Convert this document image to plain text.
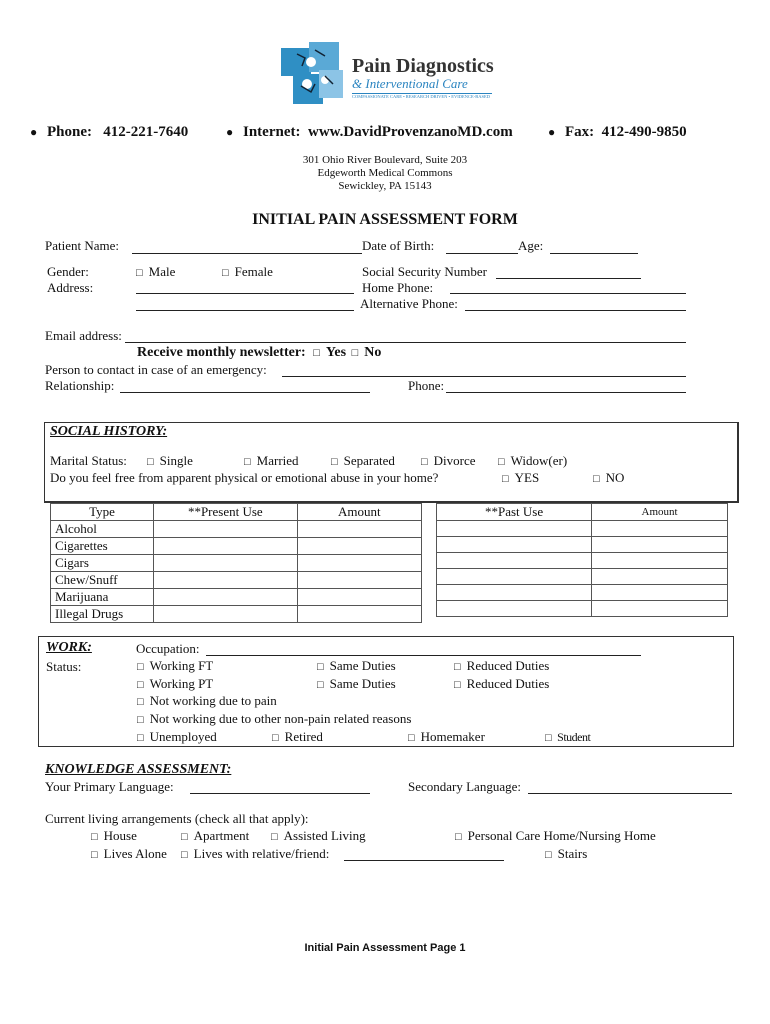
Pain Diagnostics
& Interventional Care
COMPASSIONATE CARE • RESEARCH DRIVEN • EVIDENCE-BASED
● Phone: 412-221-7640	● Internet: www.DavidProvenzanoMD.com	● Fax: 412-490-9850
301 Ohio River Boulevard, Suite 203
Edgeworth Medical Commons
Sewickley, PA 15143
INITIAL PAIN ASSESSMENT FORM
Patient Name:	Date of Birth:	Age:
Gender:	□ Male	□ Female	Social Security Number
Address:	Home Phone:
Alternative Phone:
Email address:
Receive monthly newsletter: □ Yes □ No
Person to contact in case of an emergency:
Relationship:	Phone:
SOCIAL HISTORY:
Marital Status:	□ Single	□ Married	□ Separated	□ Divorce	□ Widow(er)
Do you feel free from apparent physical or emotional abuse in your home?	□ YES	□ NO
Type	**Present Use	Amount
Alcohol		
Cigarettes		
Cigars		
Chew/Snuff		
Marijuana		
Illegal Drugs		
**Past Use	Amount

WORK:
Status:
Occupation:
□ Working FT	□ Same Duties	□ Reduced Duties
□ Working PT	□ Same Duties	□ Reduced Duties
□ Not working due to pain
□ Not working due to other non-pain related reasons
□ Unemployed	□ Retired	□ Homemaker	□ Student
KNOWLEDGE ASSESSMENT:
Your Primary Language:	Secondary Language:
Current living arrangements (check all that apply):
□ House	□ Apartment	□ Assisted Living	□ Personal Care Home/Nursing Home
□ Lives Alone	□ Lives with relative/friend:	□ Stairs
Initial Pain Assessment Page 1
